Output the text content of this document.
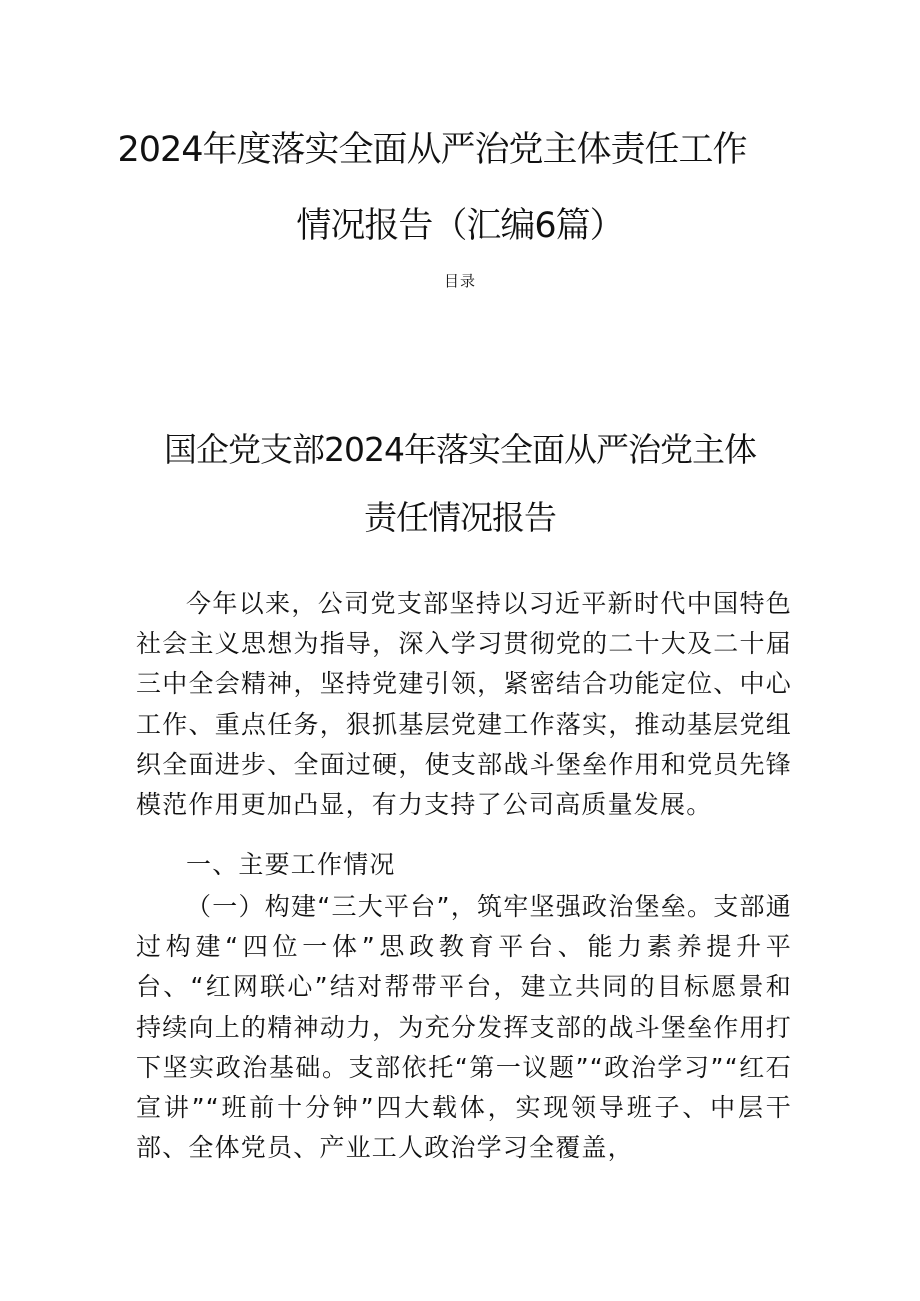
2024年度落实全面从严治党主体责任工作
情况报告（汇编6篇）
目录
国企党支部2024年落实全面从严治党主体
责任情况报告

今年以来，公司党支部坚持以习近平新时代中国特色社会主义思想为指导，深入学习贯彻党的二十大及二十届三中全会精神，坚持党建引领，紧密结合功能定位、中心工作、重点任务，狠抓基层党建工作落实，推动基层党组织全面进步、全面过硬，使支部战斗堡垒作用和党员先锋模范作用更加凸显，有力支持了公司高质量发展。

一、主要工作情况

（一）构建“三大平台”，筑牢坚强政治堡垒。支部通过构建“四位一体”思政教育平台、能力素养提升平台、“红网联心”结对帮带平台，建立共同的目标愿景和持续向上的精神动力，为充分发挥支部的战斗堡垒作用打下坚实政治基础。支部依托“第一议题”“政治学习”“红石宣讲”“班前十分钟”四大载体，实现领导班子、中层干部、全体党员、产业工人政治学习全覆盖，
